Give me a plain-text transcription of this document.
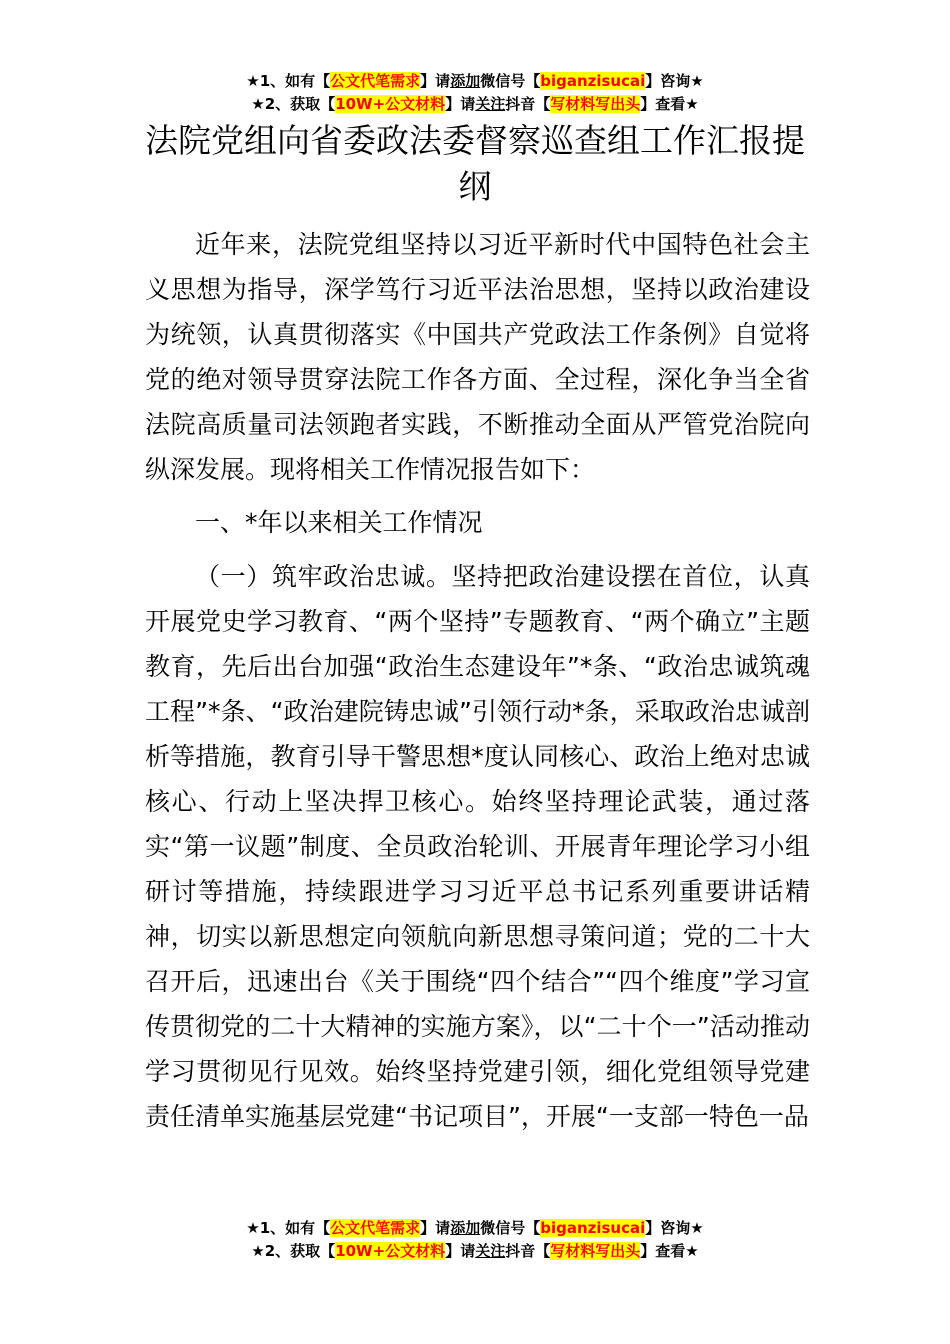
★1、如有【公文代笔需求】请添加微信号【biganzisucai】咨询★
★2、获取【10W+公文材料】请关注抖音【写材料写出头】查看★
法院党组向省委政法委督察巡查组工作汇报提纲

近年来，法院党组坚持以习近平新时代中国特色社会主义思想为指导，深学笃行习近平法治思想，坚持以政治建设为统领，认真贯彻落实《中国共产党政法工作条例》自觉将党的绝对领导贯穿法院工作各方面、全过程，深化争当全省法院高质量司法领跑者实践，不断推动全面从严管党治院向纵深发展。现将相关工作情况报告如下：

一、*年以来相关工作情况

（一）筑牢政治忠诚。坚持把政治建设摆在首位，认真开展党史学习教育、“两个坚持”专题教育、“两个确立”主题教育，先后出台加强“政治生态建设年”*条、“政治忠诚筑魂工程”*条、“政治建院铸忠诚”引领行动*条，采取政治忠诚剖析等措施，教育引导干警思想*度认同核心、政治上绝对忠诚核心、行动上坚决捍卫核心。始终坚持理论武装，通过落实“第一议题”制度、全员政治轮训、开展青年理论学习小组研讨等措施，持续跟进学习习近平总书记系列重要讲话精神，切实以新思想定向领航向新思想寻策问道；党的二十大召开后，迅速出台《关于围绕“四个结合”“四个维度”学习宣传贯彻党的二十大精神的实施方案》，以“二十个一”活动推动学习贯彻见行见效。始终坚持党建引领，细化党组领导党建责任清单实施基层党建“书记项目”，开展“一支部一特色一品

★1、如有【公文代笔需求】请添加微信号【biganzisucai】咨询★
★2、获取【10W+公文材料】请关注抖音【写材料写出头】查看★
